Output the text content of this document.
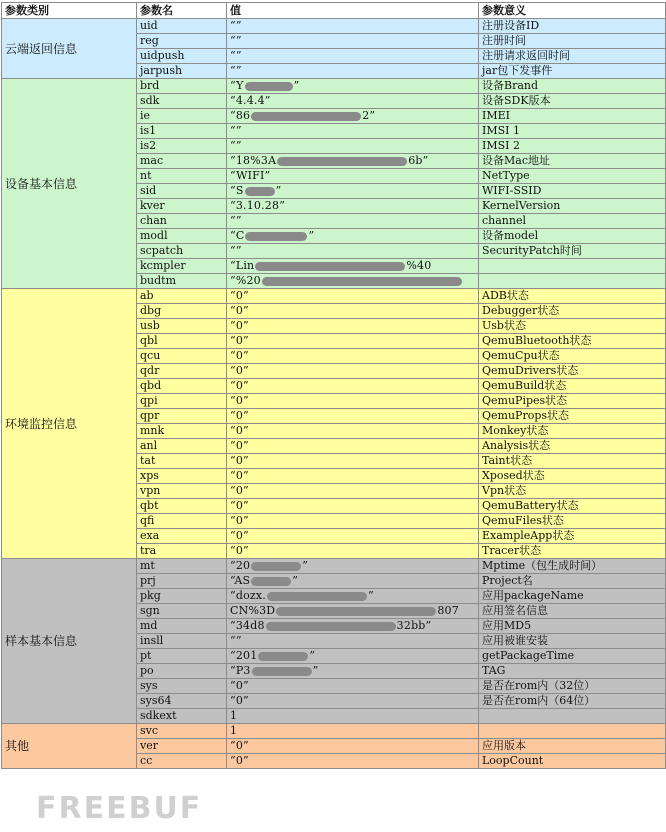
参数类别	参数名	值	参数意义
云端返回信息	uid	“”	注册设备ID
	reg	“”	注册时间
	uidpush	“”	注册请求返回时间
	jarpush	“”	jar包下发事件
设备基本信息	brd	“Y ”	设备Brand
	sdk	“4.4.4”	设备SDK版本
	ie	“86 2”	IMEI
	is1	“”	IMSI 1
	is2	“”	IMSI 2
	mac	“18%3A 6b”	设备Mac地址
	nt	“WIFI”	NetType
	sid	“S ”	WIFI-SSID
	kver	“3.10.28”	KernelVersion
	chan	“”	channel
	modl	“C ”	设备model
	scpatch	“”	SecurityPatch时间
	kcmpler	“Lin %40	
	budtm	“%20	
环境监控信息	ab	“0”	ADB状态
	dbg	“0”	Debugger状态
	usb	“0”	Usb状态
	qbl	“0”	QemuBluetooth状态
	qcu	“0”	QemuCpu状态
	qdr	“0”	QemuDrivers状态
	qbd	“0”	QemuBuild状态
	qpi	“0”	QemuPipes状态
	qpr	“0”	QemuProps状态
	mnk	“0”	Monkey状态
	anl	“0”	Analysis状态
	tat	“0”	Taint状态
	xps	“0”	Xposed状态
	vpn	“0”	Vpn状态
	qbt	“0”	QemuBattery状态
	qfi	“0”	QemuFiles状态
	exa	“0”	ExampleApp状态
	tra	“0”	Tracer状态
样本基本信息	mt	“20 ”	Mptime（包生成时间）
	prj	“AS ”	Project名
	pkg	“dozx. ”	应用packageName
	sgn	CN%3D 807	应用签名信息
	md	“34d8 32bb”	应用MD5
	insll	“”	应用被谁安装
	pt	“201 ”	getPackageTime
	po	“P3 ”	TAG
	sys	“0”	是否在rom内（32位）
	sys64	“0”	是否在rom内（64位）
	sdkext	1	
其他	svc	1	
	ver	“0”	应用版本
	cc	“0”	LoopCount
FREEBUF
